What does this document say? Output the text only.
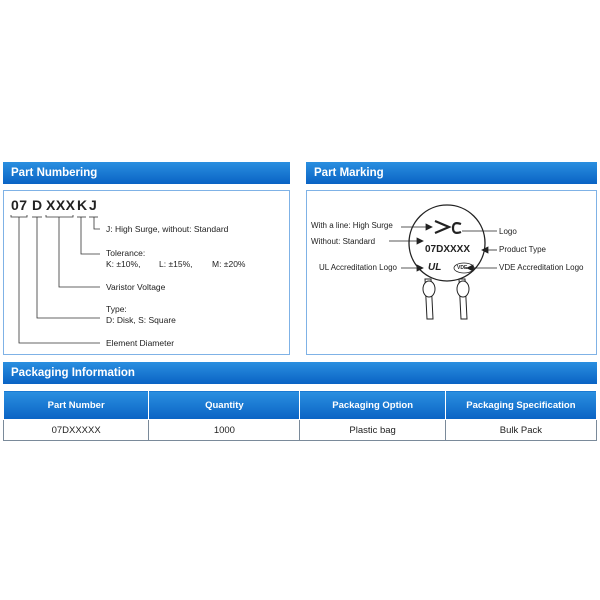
Part Numbering
07 D XXX K J
J: High Surge, without: Standard
Tolerance:
K: ±10%, L: ±15%, M: ±20%
Varistor Voltage
Type:
D: Disk, S: Square
Element Diameter
Part Marking
07DXXXX
UL	VDE
With a line: High Surge
Without: Standard
UL Accreditation Logo
Logo
Product Type
VDE Accreditation Logo
Packaging Information
Part Number	Quantity	Packaging Option	Packaging Specification
07DXXXXX	1000	Plastic bag	Bulk Pack
